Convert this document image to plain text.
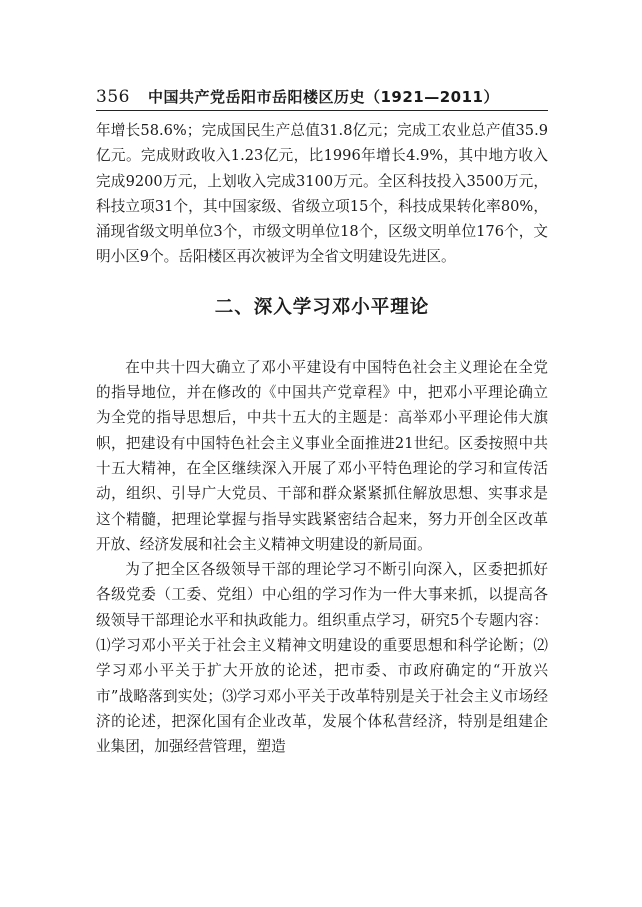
356 中国共产党岳阳市岳阳楼区历史（1921—2011）

年增长58.6%；完成国民生产总值31.8亿元；完成工农业总产值35.9亿元。完成财政收入1.23亿元，比1996年增长4.9%，其中地方收入完成9200万元，上划收入完成3100万元。全区科技投入3500万元，科技立项31个，其中国家级、省级立项15个，科技成果转化率80%，涌现省级文明单位3个，市级文明单位18个，区级文明单位176个，文明小区9个。岳阳楼区再次被评为全省文明建设先进区。

二、深入学习邓小平理论

在中共十四大确立了邓小平建设有中国特色社会主义理论在全党的指导地位，并在修改的《中国共产党章程》中，把邓小平理论确立为全党的指导思想后，中共十五大的主题是：高举邓小平理论伟大旗帜，把建设有中国特色社会主义事业全面推进21世纪。区委按照中共十五大精神，在全区继续深入开展了邓小平特色理论的学习和宣传活动，组织、引导广大党员、干部和群众紧紧抓住解放思想、实事求是这个精髓，把理论掌握与指导实践紧密结合起来，努力开创全区改革开放、经济发展和社会主义精神文明建设的新局面。

为了把全区各级领导干部的理论学习不断引向深入，区委把抓好各级党委（工委、党组）中心组的学习作为一件大事来抓，以提高各级领导干部理论水平和执政能力。组织重点学习，研究5个专题内容：⑴学习邓小平关于社会主义精神文明建设的重要思想和科学论断；⑵学习邓小平关于扩大开放的论述，把市委、市政府确定的“开放兴市”战略落到实处；⑶学习邓小平关于改革特别是关于社会主义市场经济的论述，把深化国有企业改革，发展个体私营经济，特别是组建企业集团，加强经营管理，塑造
